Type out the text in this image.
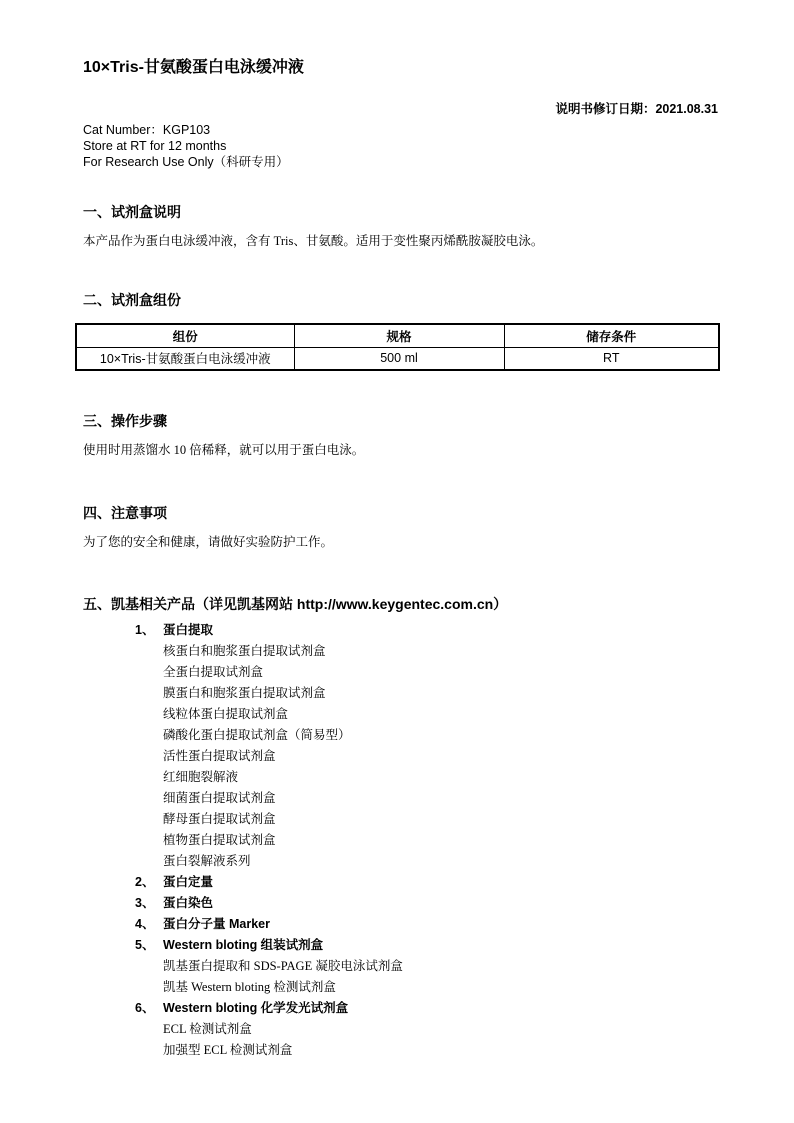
10×Tris-甘氨酸蛋白电泳缓冲液
说明书修订日期：2021.08.31
Cat Number：KGP103
Store at RT for 12 months
For Research Use Only（科研专用）
一、试剂盒说明

本产品作为蛋白电泳缓冲液，含有 Tris、甘氨酸。适用于变性聚丙烯酰胺凝胶电泳。

二、试剂盒组份
组份	规格	储存条件
10×Tris-甘氨酸蛋白电泳缓冲液	500 ml	RT
三、操作步骤

使用时用蒸馏水 10 倍稀释，就可以用于蛋白电泳。

四、注意事项

为了您的安全和健康，请做好实验防护工作。

五、凯基相关产品（详见凯基网站 http://www.keygentec.com.cn）
1、 蛋白提取
核蛋白和胞浆蛋白提取试剂盒
全蛋白提取试剂盒
膜蛋白和胞浆蛋白提取试剂盒
线粒体蛋白提取试剂盒
磷酸化蛋白提取试剂盒（简易型）
活性蛋白提取试剂盒
红细胞裂解液
细菌蛋白提取试剂盒
酵母蛋白提取试剂盒
植物蛋白提取试剂盒
蛋白裂解液系列
2、 蛋白定量
3、 蛋白染色
4、 蛋白分子量 Marker
5、 Western bloting 组装试剂盒
凯基蛋白提取和 SDS-PAGE 凝胶电泳试剂盒
凯基 Western bloting 检测试剂盒
6、 Western bloting 化学发光试剂盒
ECL 检测试剂盒
加强型 ECL 检测试剂盒
